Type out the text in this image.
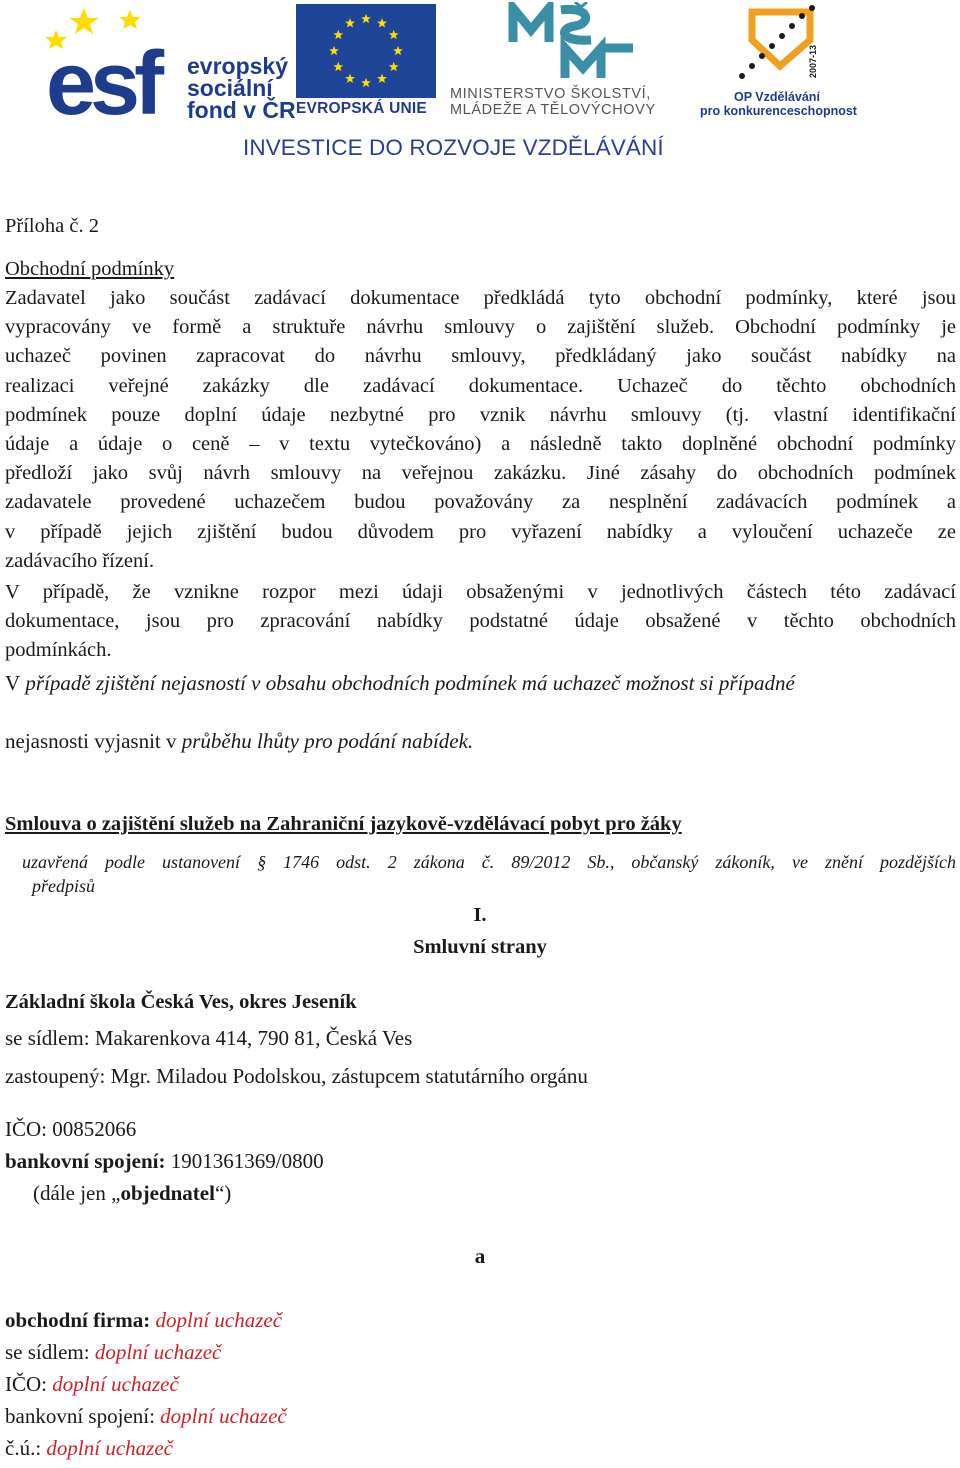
esf	evropský
sociální
fond v ČR EVROPSKÁ UNIE
MINISTERSTVO ŠKOLSTVÍ,
MLÁDEŽE A TĚLOVÝCHOVY
2007-13
OP Vzdělávání
pro konkurenceschopnost
INVESTICE DO ROZVOJE VZDĚLÁVÁNÍ
Příloha č. 2
Obchodní podmínky
Zadavatel jako součást zadávací dokumentace předkládá tyto obchodní podmínky, které jsou
vypracovány ve formě a struktuře návrhu smlouvy o zajištění služeb. Obchodní podmínky je
uchazeč povinen zapracovat do návrhu smlouvy, předkládaný jako součást nabídky na
realizaci veřejné zakázky dle zadávací dokumentace. Uchazeč do těchto obchodních
podmínek pouze doplní údaje nezbytné pro vznik návrhu smlouvy (tj. vlastní identifikační
údaje a údaje o ceně – v textu vytečkováno) a následně takto doplněné obchodní podmínky
předloží jako svůj návrh smlouvy na veřejnou zakázku. Jiné zásahy do obchodních podmínek
zadavatele provedené uchazečem budou považovány za nesplnění zadávacích podmínek a
v případě jejich zjištění budou důvodem pro vyřazení nabídky a vyloučení uchazeče ze
zadávacího řízení.
V případě, že vznikne rozpor mezi údaji obsaženými v jednotlivých částech této zadávací
dokumentace, jsou pro zpracování nabídky podstatné údaje obsažené v těchto obchodních
podmínkách.
V případě zjištění nejasností v obsahu obchodních podmínek má uchazeč možnost si případné
nejasnosti vyjasnit v průběhu lhůty pro podání nabídek.
Smlouva o zajištění služeb na Zahraniční jazykově-vzdělávací pobyt pro žáky
uzavřená podle ustanovení § 1746 odst. 2 zákona č. 89/2012 Sb., občanský zákoník, ve znění pozdějších
předpisů
I.
Smluvní strany
Základní škola Česká Ves, okres Jeseník
se sídlem: Makarenkova 414, 790 81, Česká Ves
zastoupený: Mgr. Miladou Podolskou, zástupcem statutárního orgánu
IČO: 00852066
bankovní spojení: 1901361369/0800
(dále jen „objednatel“)
a
obchodní firma: doplní uchazeč
se sídlem: doplní uchazeč
IČO: doplní uchazeč
bankovní spojení: doplní uchazeč
č.ú.: doplní uchazeč
